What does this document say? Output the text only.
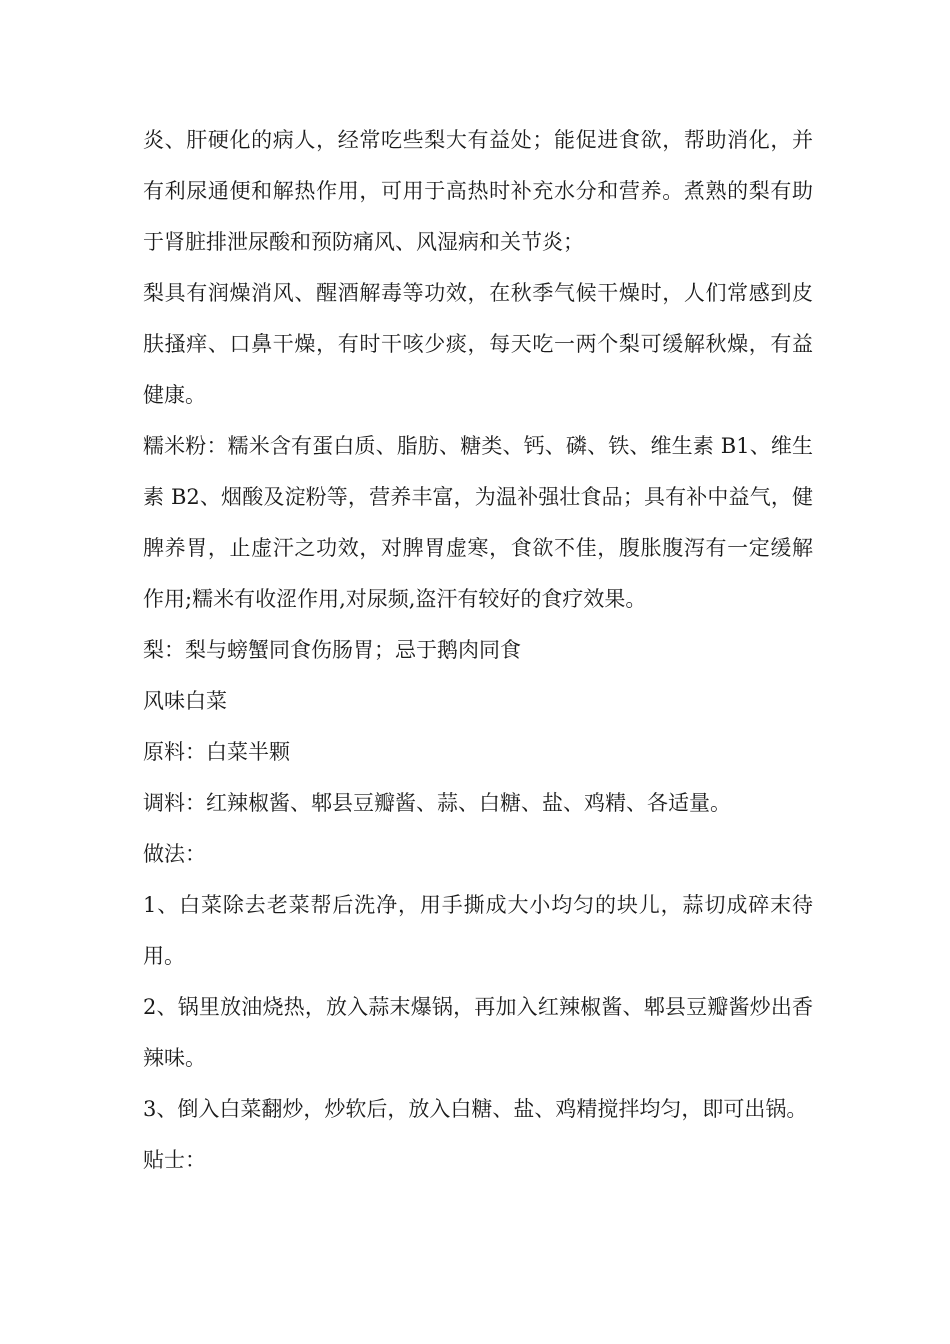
炎、肝硬化的病人，经常吃些梨大有益处；能促进食欲，帮助消化，并有利尿通便和解热作用，可用于高热时补充水分和营养。煮熟的梨有助于肾脏排泄尿酸和预防痛风、风湿病和关节炎；

梨具有润燥消风、醒酒解毒等功效，在秋季气候干燥时，人们常感到皮肤搔痒、口鼻干燥，有时干咳少痰，每天吃一两个梨可缓解秋燥，有益健康。

糯米粉：糯米含有蛋白质、脂肪、糖类、钙、磷、铁、维生素 B1、维生素 B2、烟酸及淀粉等，营养丰富，为温补强壮食品；具有补中益气，健脾养胃，止虚汗之功效，对脾胃虚寒，食欲不佳，腹胀腹泻有一定缓解作用;糯米有收涩作用,对尿频,盗汗有较好的食疗效果。

梨：梨与螃蟹同食伤肠胃；忌于鹅肉同食

风味白菜

原料：白菜半颗

调料：红辣椒酱、郫县豆瓣酱、蒜、白糖、盐、鸡精、各适量。

做法：

1、白菜除去老菜帮后洗净，用手撕成大小均匀的块儿，蒜切成碎末待用。

2、锅里放油烧热，放入蒜末爆锅，再加入红辣椒酱、郫县豆瓣酱炒出香辣味。

3、倒入白菜翻炒，炒软后，放入白糖、盐、鸡精搅拌均匀，即可出锅。

贴士：
